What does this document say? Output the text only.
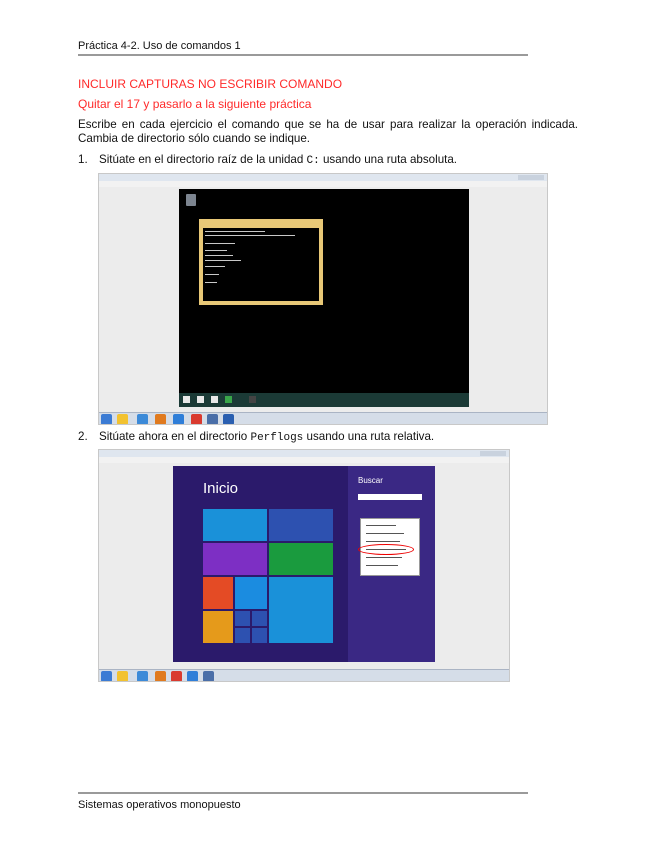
Práctica 4-2. Uso de comandos 1
INCLUIR CAPTURAS NO ESCRIBIR COMANDO
Quitar el 17 y pasarlo a la siguiente práctica
Escribe en cada ejercicio el comando que se ha de usar para realizar la operación indicada. Cambia de directorio sólo cuando se indique.
1. Sitúate en el directorio raíz de la unidad C: usando una ruta absoluta.
2. Sitúate ahora en el directorio Perflogs usando una ruta relativa.
Inicio	Buscar
Sistemas operativos monopuesto
